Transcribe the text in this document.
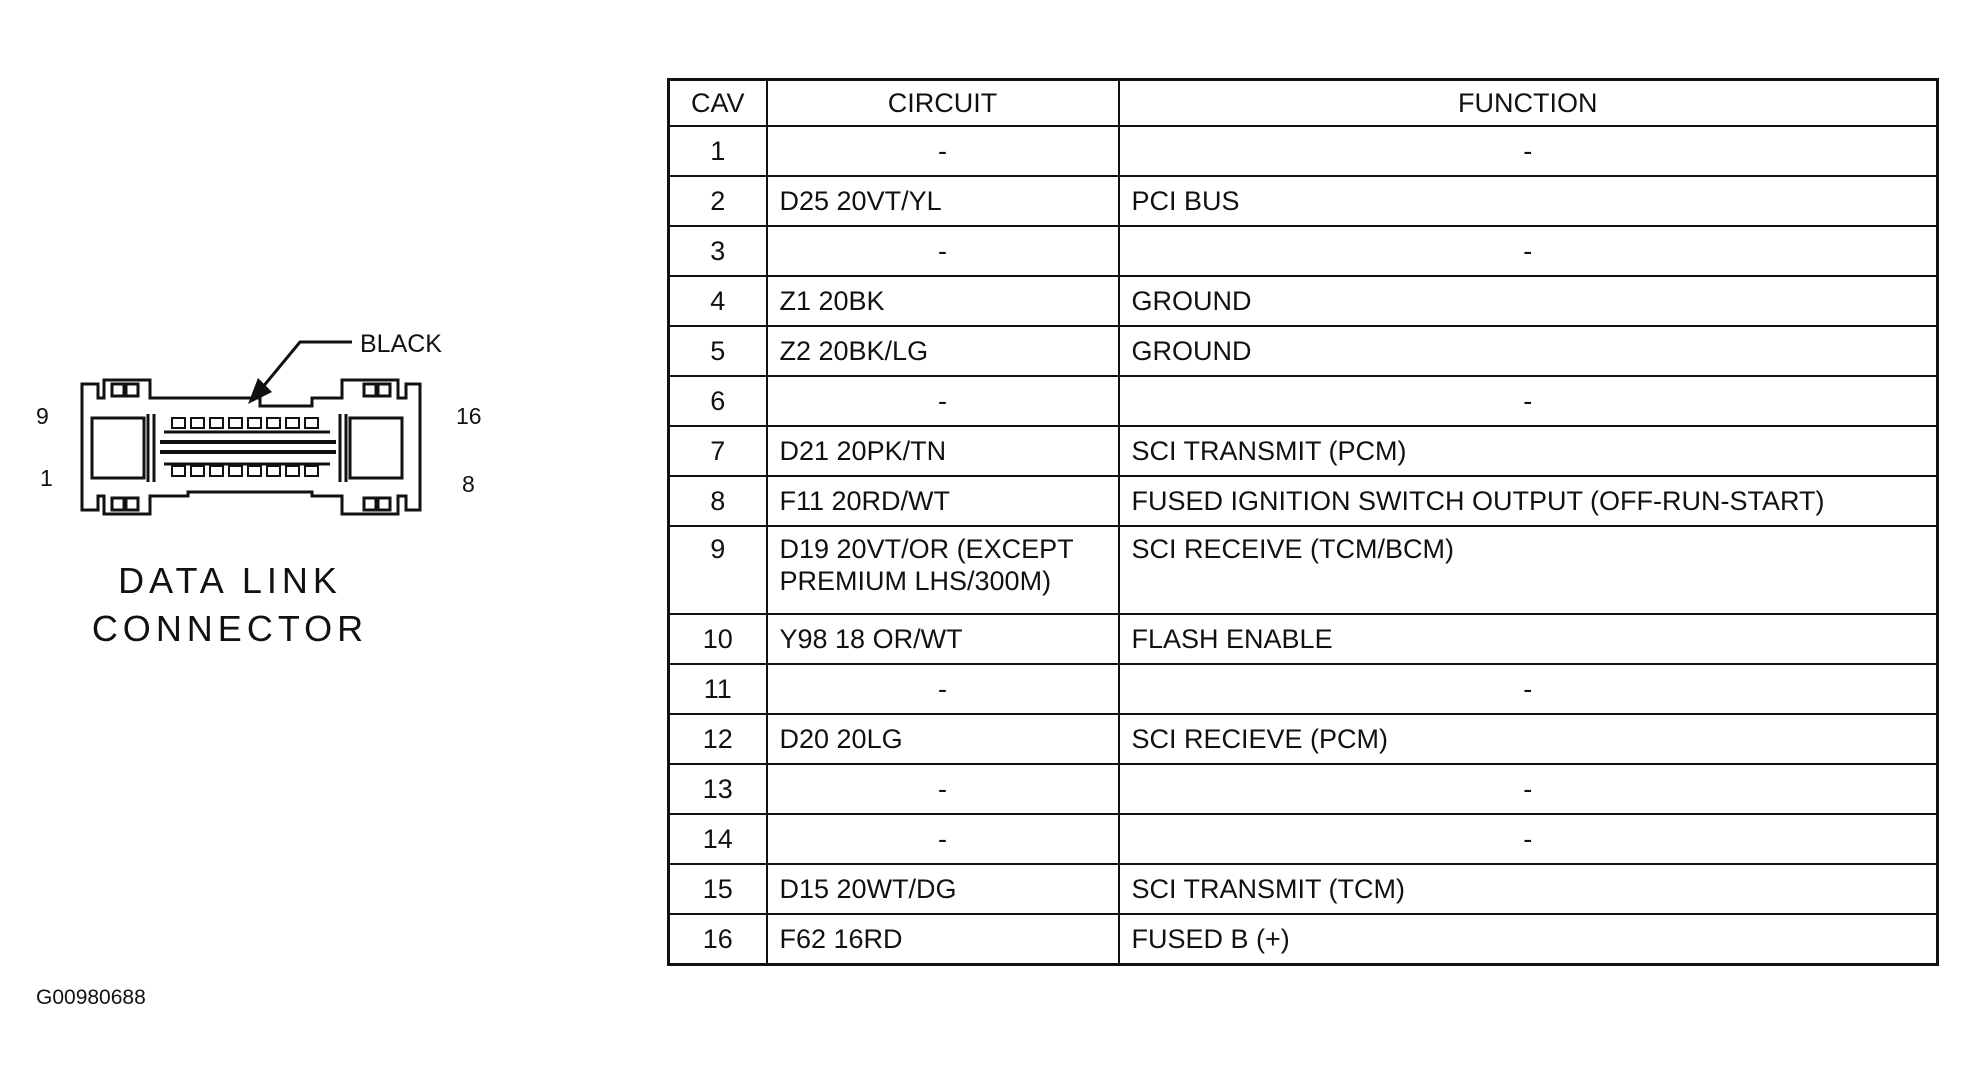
BLACK
9
1
16
8
DATA LINK
CONNECTOR
CAV	CIRCUIT	FUNCTION
1	-	-
2	D25 20VT/YL	PCI BUS
3	-	-
4	Z1 20BK	GROUND
5	Z2 20BK/LG	GROUND
6	-	-
7	D21 20PK/TN	SCI TRANSMIT (PCM)
8	F11 20RD/WT	FUSED IGNITION SWITCH OUTPUT (OFF-RUN-START)
9	D19 20VT/OR (EXCEPT PREMIUM LHS/300M)	SCI RECEIVE (TCM/BCM)
10	Y98 18 OR/WT	FLASH ENABLE
11	-	-
12	D20 20LG	SCI RECIEVE (PCM)
13	-	-
14	-	-
15	D15 20WT/DG	SCI TRANSMIT (TCM)
16	F62 16RD	FUSED B (+)
G00980688
